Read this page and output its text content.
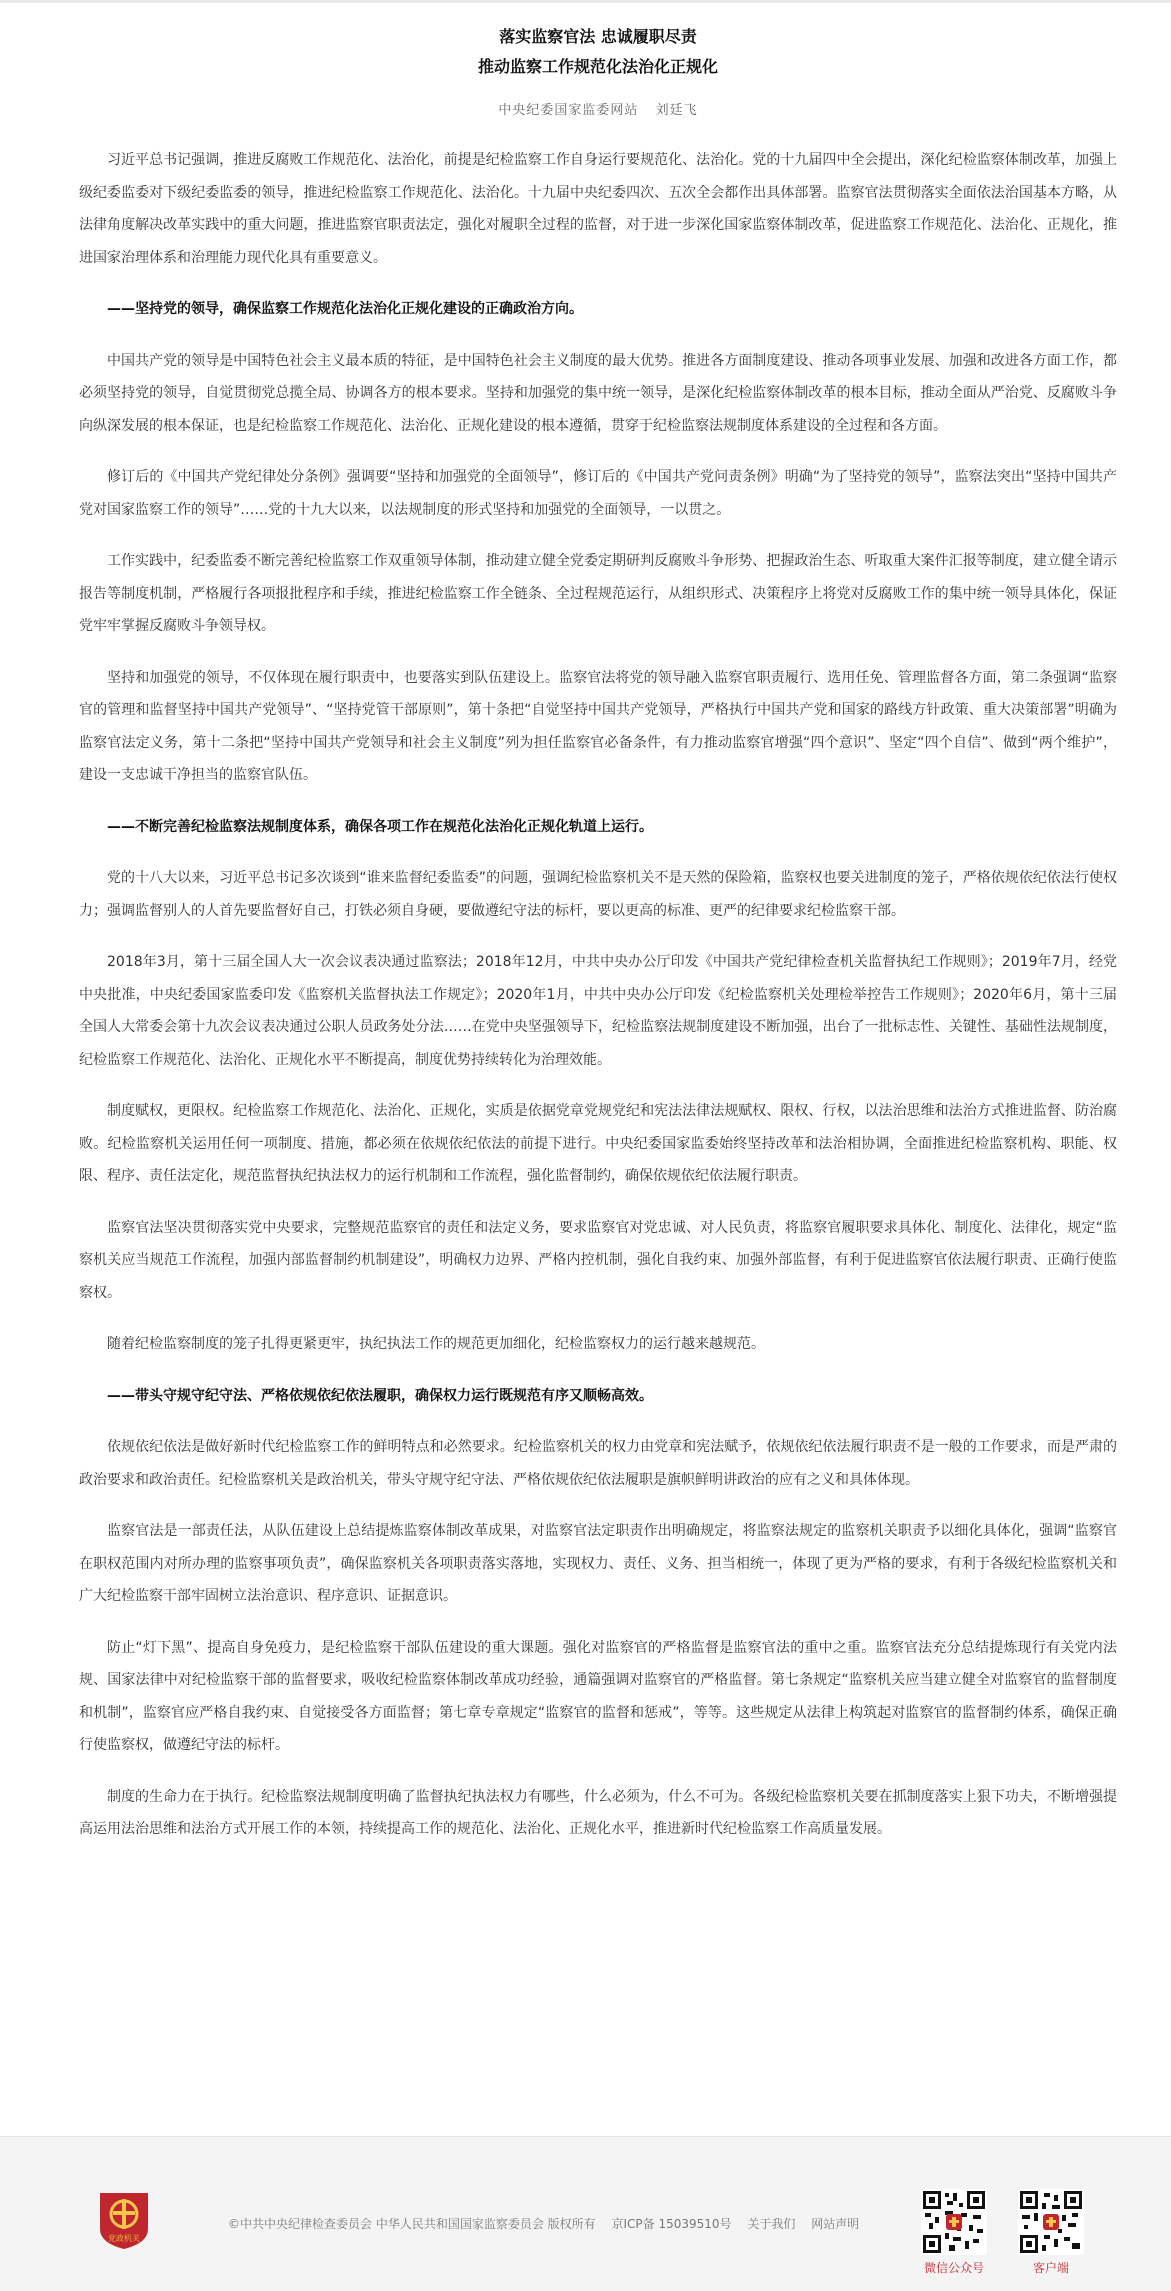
落实监察官法 忠诚履职尽责

推动监察工作规范化法治化正规化

中央纪委国家监委网站 刘廷飞

习近平总书记强调，推进反腐败工作规范化、法治化，前提是纪检监察工作自身运行要规范化、法治化。党的十九届四中全会提出，深化纪检监察体制改革，加强上级纪委监委对下级纪委监委的领导，推进纪检监察工作规范化、法治化。十九届中央纪委四次、五次全会都作出具体部署。监察官法贯彻落实全面依法治国基本方略，从法律角度解决改革实践中的重大问题，推进监察官职责法定，强化对履职全过程的监督，对于进一步深化国家监察体制改革，促进监察工作规范化、法治化、正规化，推进国家治理体系和治理能力现代化具有重要意义。

——坚持党的领导，确保监察工作规范化法治化正规化建设的正确政治方向。

中国共产党的领导是中国特色社会主义最本质的特征，是中国特色社会主义制度的最大优势。推进各方面制度建设、推动各项事业发展、加强和改进各方面工作，都必须坚持党的领导，自觉贯彻党总揽全局、协调各方的根本要求。坚持和加强党的集中统一领导，是深化纪检监察体制改革的根本目标，推动全面从严治党、反腐败斗争向纵深发展的根本保证，也是纪检监察工作规范化、法治化、正规化建设的根本遵循，贯穿于纪检监察法规制度体系建设的全过程和各方面。

修订后的《中国共产党纪律处分条例》强调要“坚持和加强党的全面领导”，修订后的《中国共产党问责条例》明确“为了坚持党的领导”，监察法突出“坚持中国共产党对国家监察工作的领导”……党的十九大以来，以法规制度的形式坚持和加强党的全面领导，一以贯之。

工作实践中，纪委监委不断完善纪检监察工作双重领导体制，推动建立健全党委定期研判反腐败斗争形势、把握政治生态、听取重大案件汇报等制度，建立健全请示报告等制度机制，严格履行各项报批程序和手续，推进纪检监察工作全链条、全过程规范运行，从组织形式、决策程序上将党对反腐败工作的集中统一领导具体化，保证党牢牢掌握反腐败斗争领导权。

坚持和加强党的领导，不仅体现在履行职责中，也要落实到队伍建设上。监察官法将党的领导融入监察官职责履行、选用任免、管理监督各方面，第二条强调“监察官的管理和监督坚持中国共产党领导”、“坚持党管干部原则”，第十条把“自觉坚持中国共产党领导，严格执行中国共产党和国家的路线方针政策、重大决策部署”明确为监察官法定义务，第十二条把“坚持中国共产党领导和社会主义制度”列为担任监察官必备条件，有力推动监察官增强“四个意识”、坚定“四个自信”、做到“两个维护”，建设一支忠诚干净担当的监察官队伍。

——不断完善纪检监察法规制度体系，确保各项工作在规范化法治化正规化轨道上运行。

党的十八大以来，习近平总书记多次谈到“谁来监督纪委监委”的问题，强调纪检监察机关不是天然的保险箱，监察权也要关进制度的笼子，严格依规依纪依法行使权力；强调监督别人的人首先要监督好自己，打铁必须自身硬，要做遵纪守法的标杆，要以更高的标准、更严的纪律要求纪检监察干部。

2018年3月，第十三届全国人大一次会议表决通过监察法；2018年12月，中共中央办公厅印发《中国共产党纪律检查机关监督执纪工作规则》；2019年7月，经党中央批准，中央纪委国家监委印发《监察机关监督执法工作规定》；2020年1月，中共中央办公厅印发《纪检监察机关处理检举控告工作规则》；2020年6月，第十三届全国人大常委会第十九次会议表决通过公职人员政务处分法……在党中央坚强领导下，纪检监察法规制度建设不断加强，出台了一批标志性、关键性、基础性法规制度，纪检监察工作规范化、法治化、正规化水平不断提高，制度优势持续转化为治理效能。

制度赋权，更限权。纪检监察工作规范化、法治化、正规化，实质是依据党章党规党纪和宪法法律法规赋权、限权、行权，以法治思维和法治方式推进监督、防治腐败。纪检监察机关运用任何一项制度、措施，都必须在依规依纪依法的前提下进行。中央纪委国家监委始终坚持改革和法治相协调，全面推进纪检监察机构、职能、权限、程序、责任法定化，规范监督执纪执法权力的运行机制和工作流程，强化监督制约，确保依规依纪依法履行职责。

监察官法坚决贯彻落实党中央要求，完整规范监察官的责任和法定义务，要求监察官对党忠诚、对人民负责，将监察官履职要求具体化、制度化、法律化，规定“监察机关应当规范工作流程，加强内部监督制约机制建设”，明确权力边界、严格内控机制，强化自我约束、加强外部监督，有利于促进监察官依法履行职责、正确行使监察权。

随着纪检监察制度的笼子扎得更紧更牢，执纪执法工作的规范更加细化，纪检监察权力的运行越来越规范。

——带头守规守纪守法、严格依规依纪依法履职，确保权力运行既规范有序又顺畅高效。

依规依纪依法是做好新时代纪检监察工作的鲜明特点和必然要求。纪检监察机关的权力由党章和宪法赋予，依规依纪依法履行职责不是一般的工作要求，而是严肃的政治要求和政治责任。纪检监察机关是政治机关，带头守规守纪守法、严格依规依纪依法履职是旗帜鲜明讲政治的应有之义和具体体现。

监察官法是一部责任法，从队伍建设上总结提炼监察体制改革成果，对监察官法定职责作出明确规定，将监察法规定的监察机关职责予以细化具体化，强调“监察官在职权范围内对所办理的监察事项负责”，确保监察机关各项职责落实落地，实现权力、责任、义务、担当相统一，体现了更为严格的要求，有利于各级纪检监察机关和广大纪检监察干部牢固树立法治意识、程序意识、证据意识。

防止“灯下黑”、提高自身免疫力，是纪检监察干部队伍建设的重大课题。强化对监察官的严格监督是监察官法的重中之重。监察官法充分总结提炼现行有关党内法规、国家法律中对纪检监察干部的监督要求，吸收纪检监察体制改革成功经验，通篇强调对监察官的严格监督。第七条规定“监察机关应当建立健全对监察官的监督制度和机制”，监察官应严格自我约束、自觉接受各方面监督；第七章专章规定“监察官的监督和惩戒”，等等。这些规定从法律上构筑起对监察官的监督制约体系，确保正确行使监察权，做遵纪守法的标杆。

制度的生命力在于执行。纪检监察法规制度明确了监督执纪执法权力有哪些，什么必须为，什么不可为。各级纪检监察机关要在抓制度落实上狠下功夫，不断增强提高运用法治思维和法治方式开展工作的本领，持续提高工作的规范化、法治化、正规化水平，推进新时代纪检监察工作高质量发展。

党政机关
©中共中央纪律检查委员会 中华人民共和国国家监察委员会 版权所有 京ICP备 15039510号 关于我们 网站声明
微信公众号	客户端
